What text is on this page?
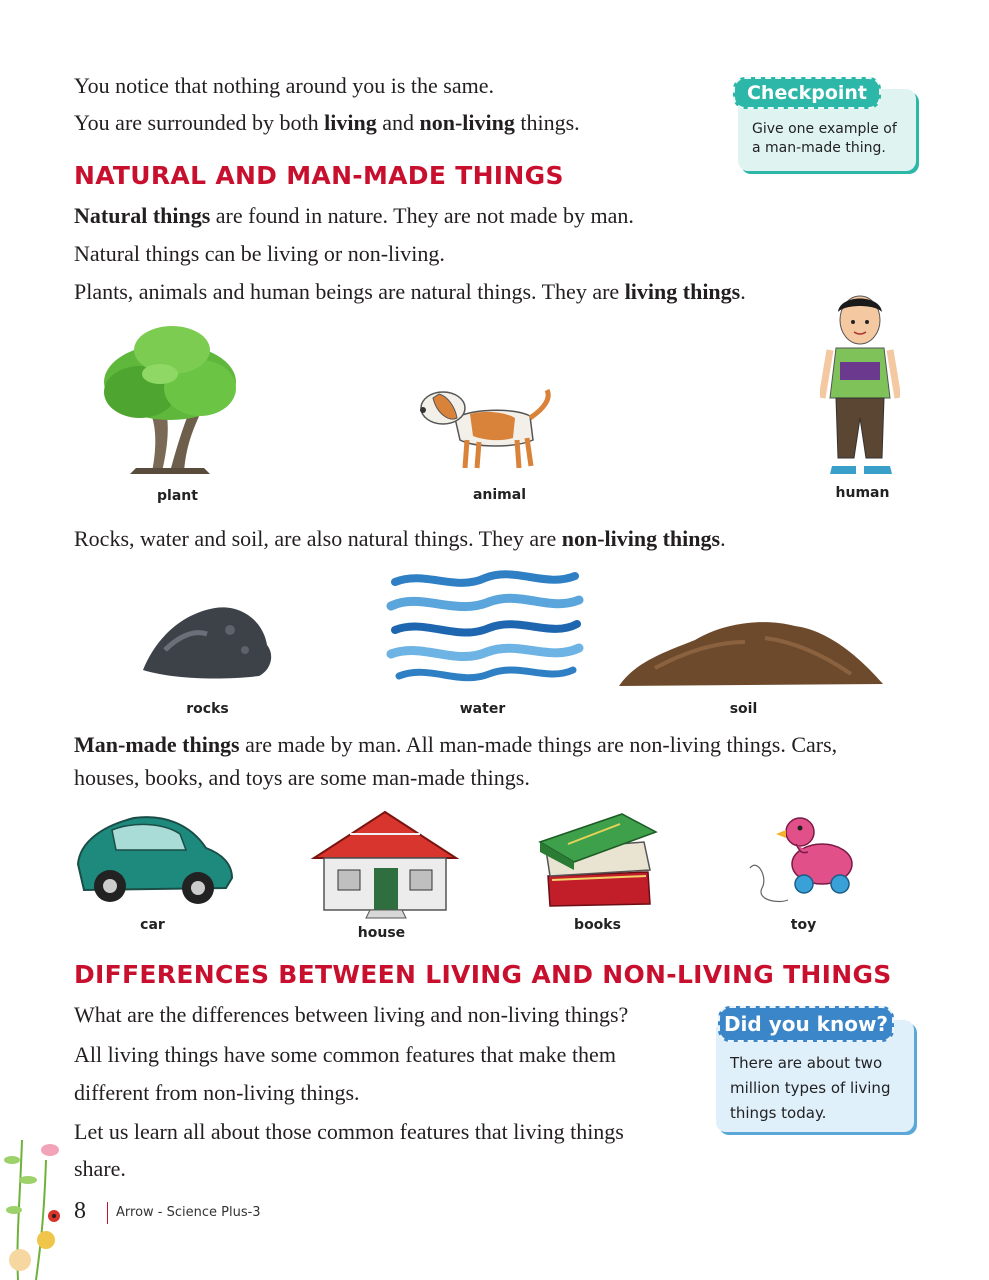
You notice that nothing around you is the same.
You are surrounded by both living and non-living things.	Give one example of
a man-made thing.
Checkpoint
NATURAL AND MAN-MADE THINGS
Natural things are found in nature. They are not made by man.
Natural things can be living or non-living.
Plants, animals and human beings are natural things. They are living things.
plant	animal	human
Rocks, water and soil, are also natural things. They are non-living things.
rocks	water	soil
Man-made things are made by man. All man-made things are non-living things. Cars,
houses, books, and toys are some man-made things.
car	house	books	toy
DIFFERENCES BETWEEN LIVING AND NON-LIVING THINGS
What are the differences between living and non-living things?
All living things have some common features that make them
different from non-living things.
Let us learn all about those common features that living things
share.
There are about two
million types of living
things today.
Did you know?
8 Arrow - Science Plus-3
